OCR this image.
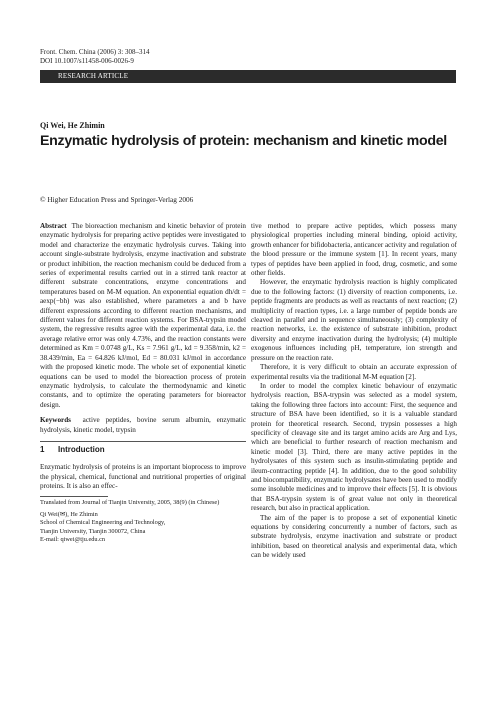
Front. Chem. China (2006) 3: 308–314
DOI 10.1007/s11458-006-0026-9
RESEARCH ARTICLE
Qi Wei, He Zhimin
Enzymatic hydrolysis of protein: mechanism and kinetic model
© Higher Education Press and Springer-Verlag 2006

Abstract The bioreaction mechanism and kinetic behavior of protein enzymatic hydrolysis for preparing active peptides were investigated to model and characterize the enzymatic hydrolysis curves. Taking into account single-substrate hydrolysis, enzyme inactivation and substrate or product inhibition, the reaction mechanism could be deduced from a series of experimental results carried out in a stirred tank reactor at different substrate concentrations, enzyme concentrations and temperatures based on M-M equation. An exponential equation dh/dt = aexp(−bh) was also established, where parameters a and b have different expressions according to different reaction mechanisms, and different values for different reaction systems. For BSA-trypsin model system, the regressive results agree with the experimental data, i.e. the average relative error was only 4.73%, and the reaction constants were determined as Km = 0.0748 g/L, Ks = 7.961 g/L, kd = 9.358/min, k2 = 38.439/min, Ea = 64.826 kJ/mol, Ed = 80.031 kJ/mol in accordance with the proposed kinetic mode. The whole set of exponential kinetic equations can be used to model the bioreaction process of protein enzymatic hydrolysis, to calculate the thermodynamic and kinetic constants, and to optimize the operating parameters for bioreactor design.

Keywords active peptides, bovine serum albumin, enzymatic hydrolysis, kinetic model, trypsin

1 Introduction

Enzymatic hydrolysis of proteins is an important bioprocess to improve the physical, chemical, functional and nutritional properties of original proteins. It is also an effec-

Translated from Journal of Tianjin University, 2005, 38(9) (in Chinese)

Qi Wei(✉), He Zhimin

School of Chemical Engineering and Technology,

Tianjin University, Tianjin 300072, China

E-mail: qiwei@tju.edu.cn

tive method to prepare active peptides, which possess many physiological properties including mineral binding, opioid activity, growth enhancer for bifidobacteria, anticancer activity and regulation of the blood pressure or the immune system [1]. In recent years, many types of peptides have been applied in food, drug, cosmetic, and some other fields.

However, the enzymatic hydrolysis reaction is highly complicated due to the following factors: (1) diversity of reaction components, i.e. peptide fragments are products as well as reactants of next reaction; (2) multiplicity of reaction types, i.e. a large number of peptide bonds are cleaved in parallel and in sequence simultaneously; (3) complexity of reaction networks, i.e. the existence of substrate inhibition, product diversity and enzyme inactivation during the hydrolysis; (4) multiple exogenous influences including pH, temperature, ion strength and pressure on the reaction rate.

Therefore, it is very difficult to obtain an accurate expression of experimental results via the traditional M-M equation [2].

In order to model the complex kinetic behaviour of enzymatic hydrolysis reaction, BSA-trypsin was selected as a model system, taking the following three factors into account: First, the sequence and structure of BSA have been identified, so it is a valuable standard protein for theoretical research. Second, trypsin possesses a high specificity of cleavage site and its target amino acids are Arg and Lys, which are beneficial to further research of reaction mechanism and kinetic model [3]. Third, there are many active peptides in the hydrolysates of this system such as insulin-stimulating peptide and ileum-contracting peptide [4]. In addition, due to the good solubility and biocompatibility, enzymatic hydrolysates have been used to modify some insoluble medicines and to improve their effects [5]. It is obvious that BSA-trypsin system is of great value not only in theoretical research, but also in practical application.

The aim of the paper is to propose a set of exponential kinetic equations by considering concurrently a number of factors, such as substrate hydrolysis, enzyme inactivation and substrate or product inhibition, based on theoretical analysis and experimental data, which can be widely used
